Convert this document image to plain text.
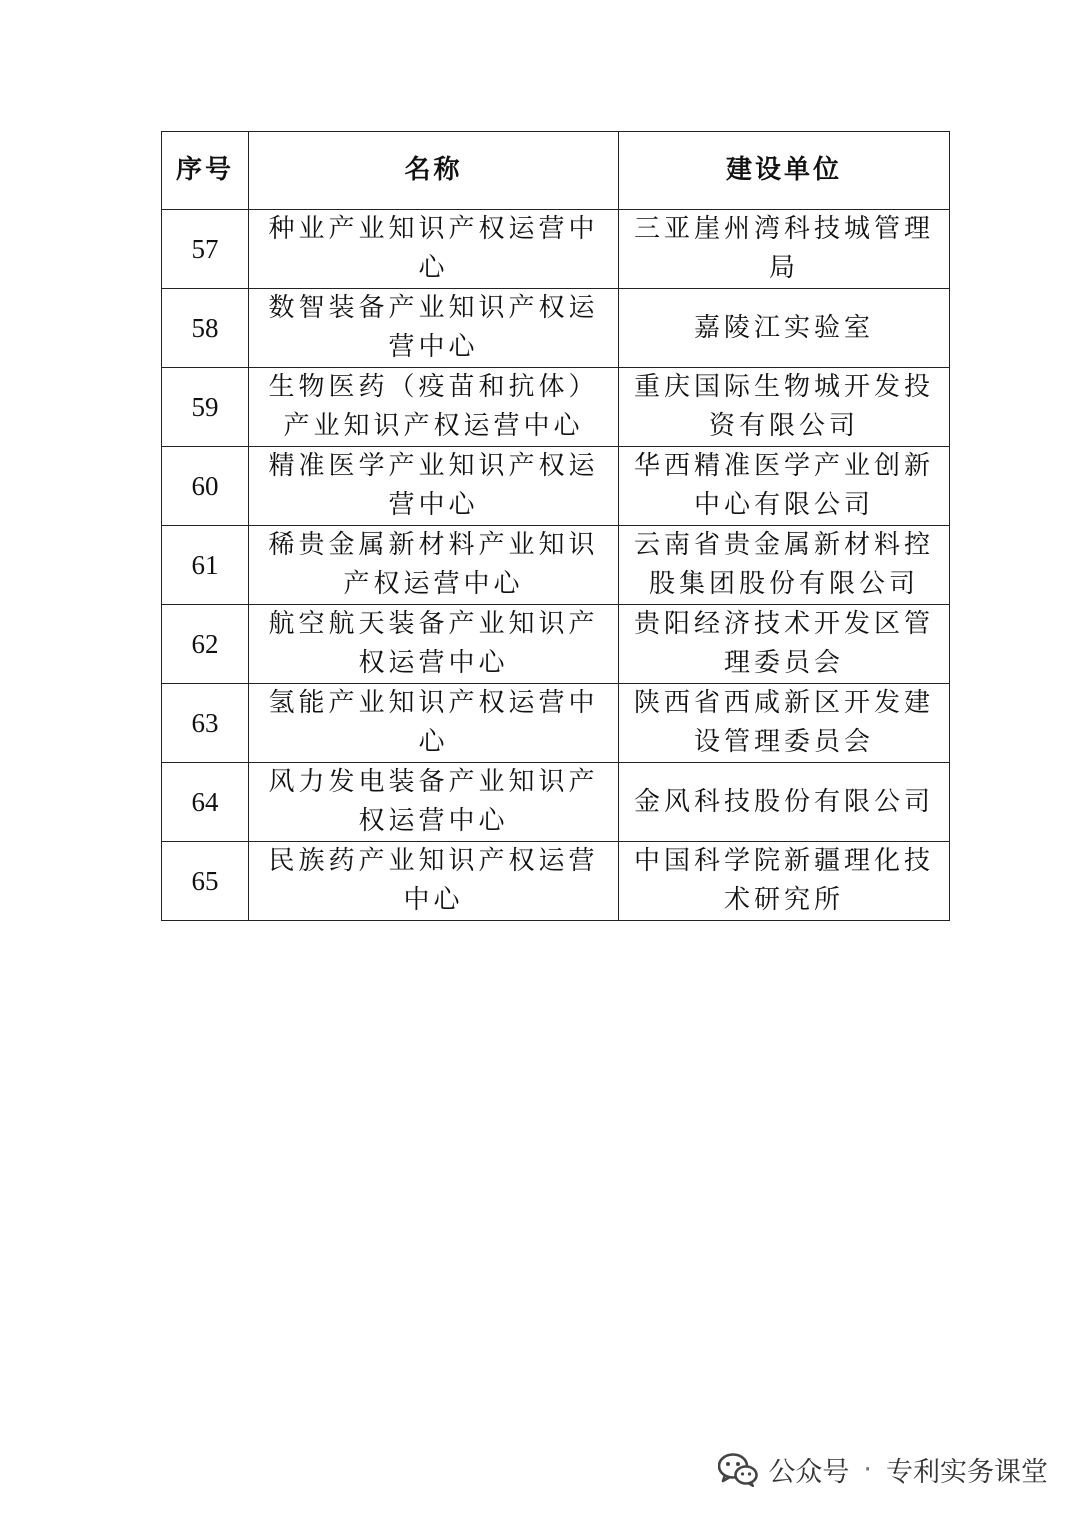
序号	名称	建设单位
57	种业产业知识产权运营中心	三亚崖州湾科技城管理局
58	数智装备产业知识产权运营中心	嘉陵江实验室
59	生物医药（疫苗和抗体）产业知识产权运营中心	重庆国际生物城开发投资有限公司
60	精准医学产业知识产权运营中心	华西精准医学产业创新中心有限公司
61	稀贵金属新材料产业知识产权运营中心	云南省贵金属新材料控股集团股份有限公司
62	航空航天装备产业知识产权运营中心	贵阳经济技术开发区管理委员会
63	氢能产业知识产权运营中心	陕西省西咸新区开发建设管理委员会
64	风力发电装备产业知识产权运营中心	金风科技股份有限公司
65	民族药产业知识产权运营中心	中国科学院新疆理化技术研究所
公众号 · 专利实务课堂
